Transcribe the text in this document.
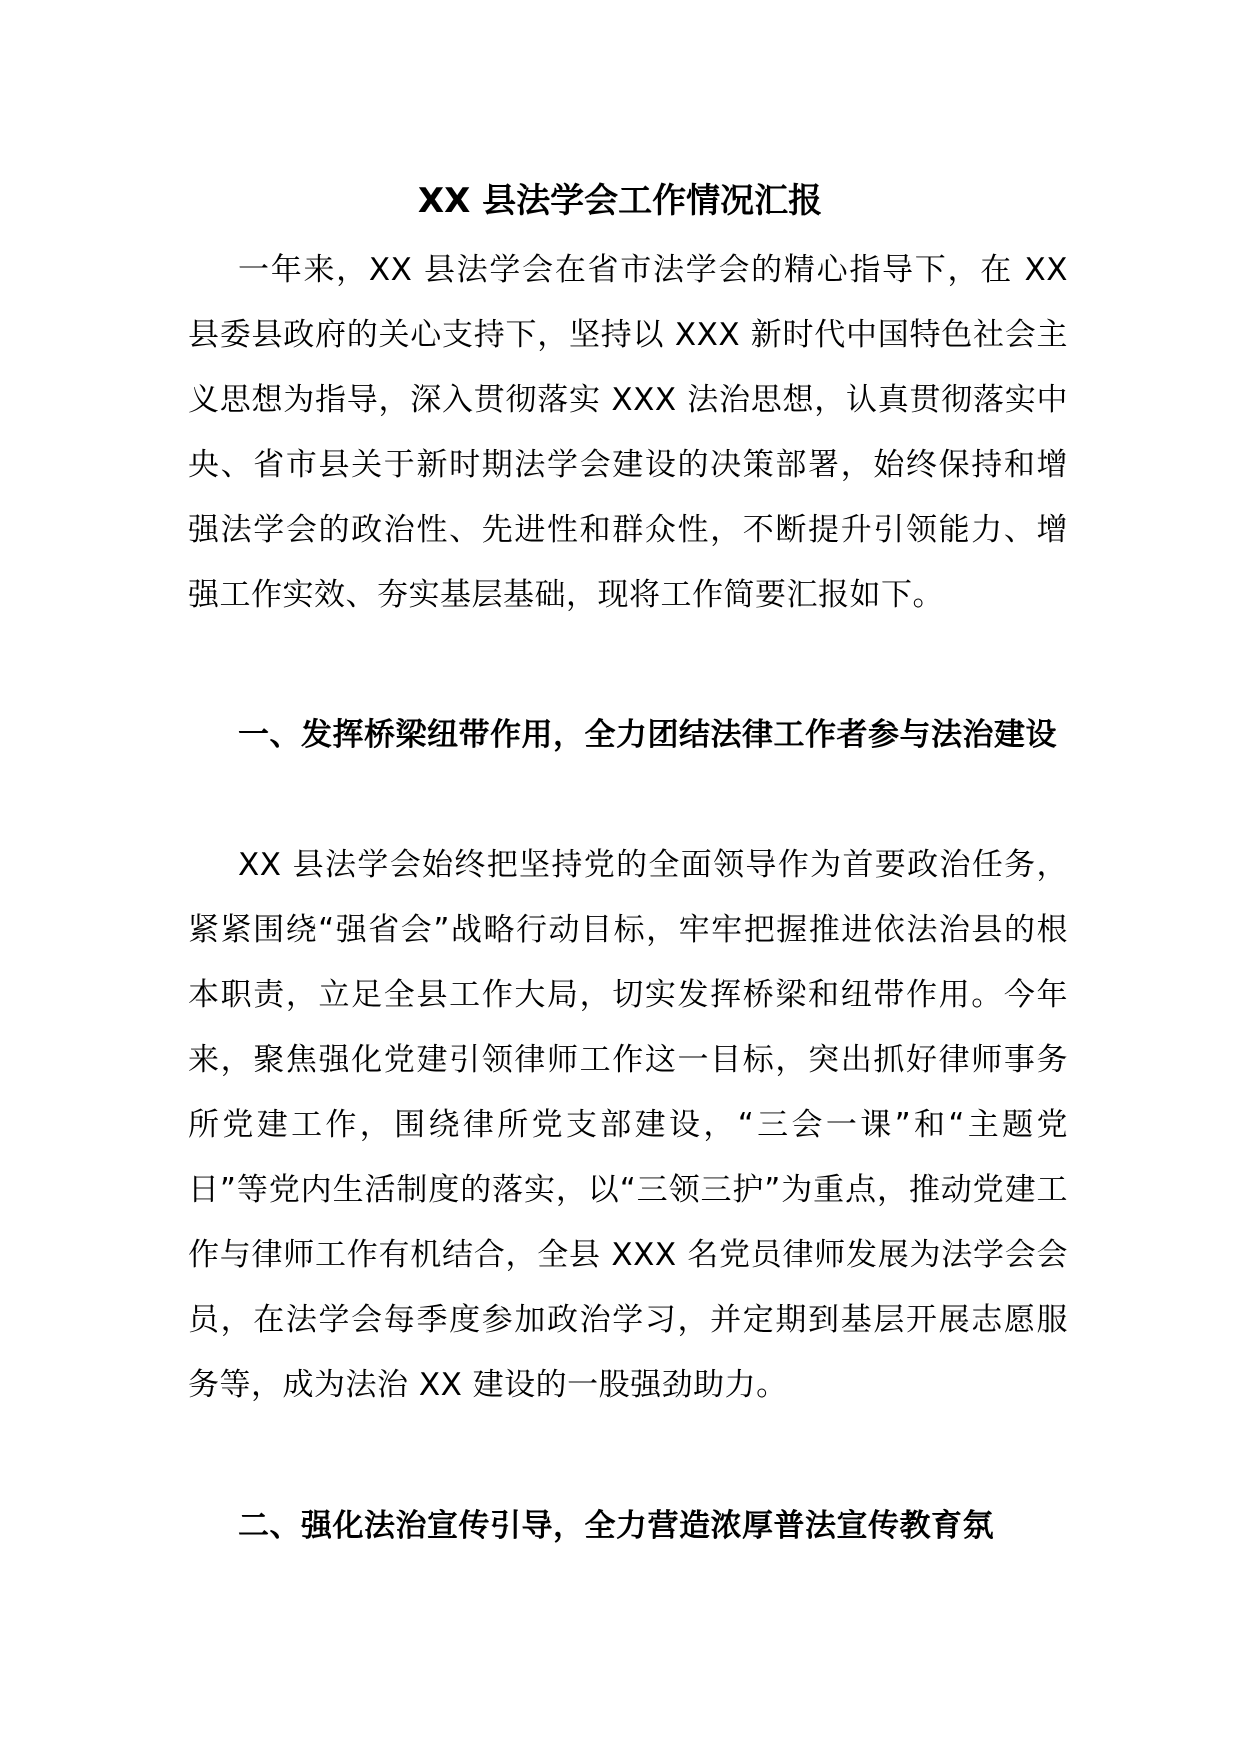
XX 县法学会工作情况汇报

一年来，XX 县法学会在省市法学会的精心指导下，在 XX 县委县政府的关心支持下，坚持以 XXX 新时代中国特色社会主义思想为指导，深入贯彻落实 XXX 法治思想，认真贯彻落实中央、省市县关于新时期法学会建设的决策部署，始终保持和增强法学会的政治性、先进性和群众性，不断提升引领能力、增强工作实效、夯实基层基础，现将工作简要汇报如下。

一、发挥桥梁纽带作用，全力团结法律工作者参与法治建设

XX 县法学会始终把坚持党的全面领导作为首要政治任务，紧紧围绕“强省会”战略行动目标，牢牢把握推进依法治县的根本职责，立足全县工作大局，切实发挥桥梁和纽带作用。今年来，聚焦强化党建引领律师工作这一目标，突出抓好律师事务所党建工作，围绕律所党支部建设，“三会一课”和“主题党日”等党内生活制度的落实，以“三领三护”为重点，推动党建工作与律师工作有机结合，全县 XXX 名党员律师发展为法学会会员，在法学会每季度参加政治学习，并定期到基层开展志愿服务等，成为法治 XX 建设的一股强劲助力。

二、强化法治宣传引导，全力营造浓厚普法宣传教育氛
